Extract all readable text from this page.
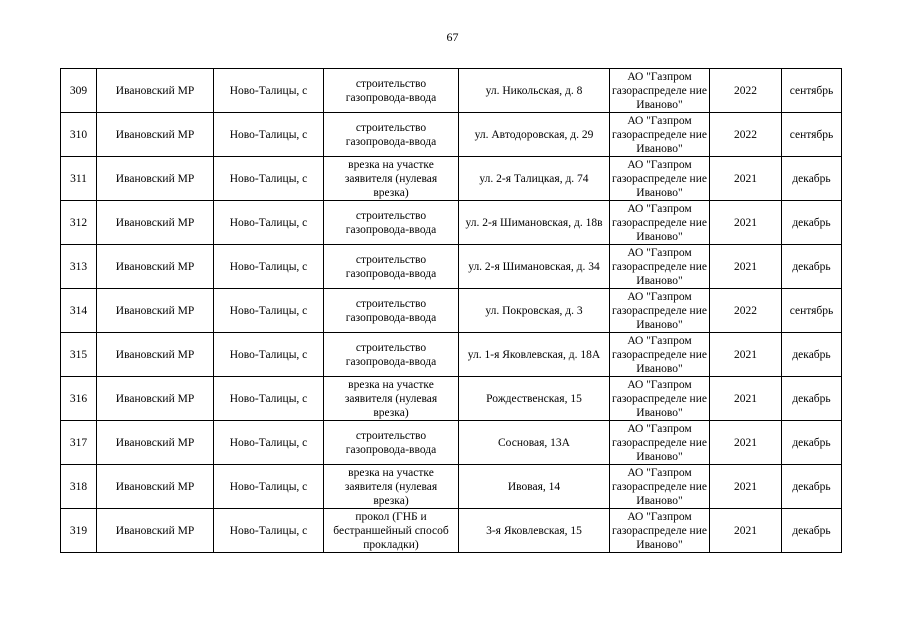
67
309	Ивановский МР	Ново-Талицы, с	строительство газопровода-ввода	ул. Никольская, д. 8	АО "Газпром газораспределе ние Иваново"	2022	сентябрь
310	Ивановский МР	Ново-Талицы, с	строительство газопровода-ввода	ул. Автодоровская, д. 29	АО "Газпром газораспределе ние Иваново"	2022	сентябрь
311	Ивановский МР	Ново-Талицы, с	врезка на участке заявителя (нулевая врезка)	ул. 2-я Талицкая, д. 74	АО "Газпром газораспределе ние Иваново"	2021	декабрь
312	Ивановский МР	Ново-Талицы, с	строительство газопровода-ввода	ул. 2-я Шимановская, д. 18в	АО "Газпром газораспределе ние Иваново"	2021	декабрь
313	Ивановский МР	Ново-Талицы, с	строительство газопровода-ввода	ул. 2-я Шимановская, д. 34	АО "Газпром газораспределе ние Иваново"	2021	декабрь
314	Ивановский МР	Ново-Талицы, с	строительство газопровода-ввода	ул. Покровская, д. 3	АО "Газпром газораспределе ние Иваново"	2022	сентябрь
315	Ивановский МР	Ново-Талицы, с	строительство газопровода-ввода	ул. 1-я Яковлевская, д. 18А	АО "Газпром газораспределе ние Иваново"	2021	декабрь
316	Ивановский МР	Ново-Талицы, с	врезка на участке заявителя (нулевая врезка)	Рождественская, 15	АО "Газпром газораспределе ние Иваново"	2021	декабрь
317	Ивановский МР	Ново-Талицы, с	строительство газопровода-ввода	Сосновая, 13А	АО "Газпром газораспределе ние Иваново"	2021	декабрь
318	Ивановский МР	Ново-Талицы, с	врезка на участке заявителя (нулевая врезка)	Ивовая, 14	АО "Газпром газораспределе ние Иваново"	2021	декабрь
319	Ивановский МР	Ново-Талицы, с	прокол (ГНБ и бестраншейный способ прокладки)	3-я Яковлевская, 15	АО "Газпром газораспределе ние Иваново"	2021	декабрь
